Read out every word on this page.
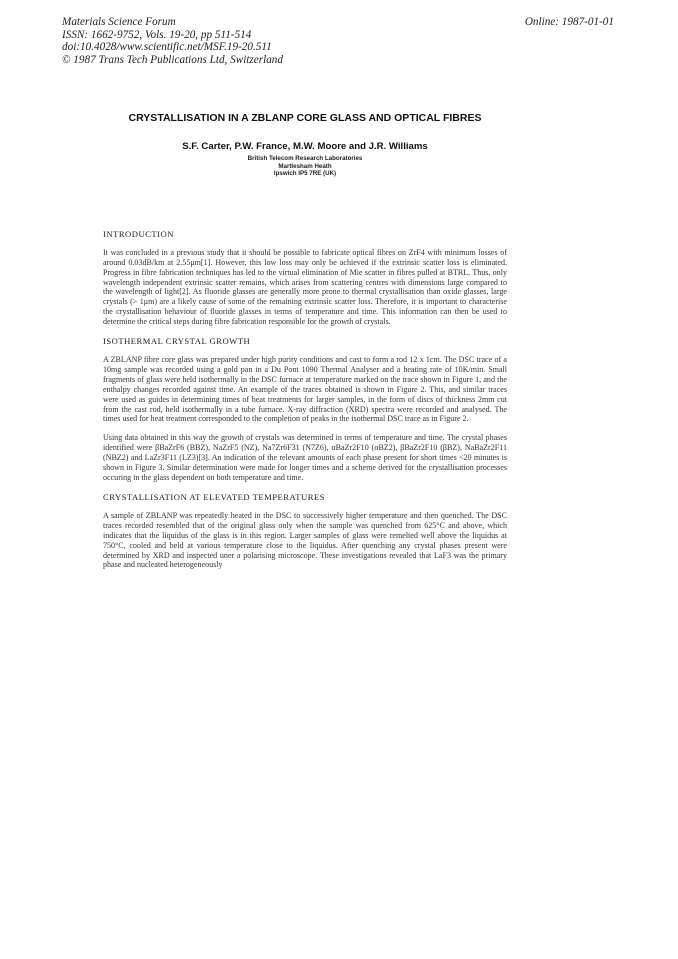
Materials Science Forum
ISSN: 1662-9752, Vols. 19-20, pp 511-514
doi:10.4028/www.scientific.net/MSF.19-20.511
© 1987 Trans Tech Publications Ltd, Switzerland
Online: 1987-01-01
CRYSTALLISATION IN A ZBLANP CORE GLASS AND OPTICAL FIBRES
S.F. Carter, P.W. France, M.W. Moore and J.R. Williams
British Telecom Research Laboratories
Martlesham Heath
Ipswich IP5 7RE (UK)

INTRODUCTION

It was concluded in a previous study that it should be possible to fabricate optical fibres on ZrF4 with minimum losses of around 0.03dB/km at 2.55μm[1]. However, this low loss may only be achieved if the extrinsic scatter loss is eliminated. Progress in fibre fabrication techniques has led to the virtual elimination of Mie scatter in fibres pulled at BTRL. Thus, only wavelength independent extrinsic scatter remains, which arises from scattering centres with dimensions large compared to the wavelength of light[2]. As fluoride glasses are generally more prone to thermal crystallisation than oxide glasses, large crystals (> 1μm) are a likely cause of some of the remaining extrinsic scatter loss. Therefore, it is important to characterise the crystallisation behaviour of fluoride glasses in terms of temperature and time. This information can then be used to determine the critical steps during fibre fabrication responsible for the growth of crystals.

ISOTHERMAL CRYSTAL GROWTH

A ZBLANP fibre core glass was prepared under high purity conditions and cast to form a rod 12 x 1cm. The DSC trace of a 10mg sample was recorded using a gold pan in a Du Pont 1090 Thermal Analyser and a heating rate of 10K/min. Small fragments of glass were held isothermally in the DSC furnace at temperature marked on the trace shown in Figure 1, and the enthalpy changes recorded against time. An example of the traces obtained is shown in Figure 2. This, and similar traces were used as guides in determining times of heat treatments for larger samples, in the form of discs of thickness 2mm cut from the cast rod, held isothermally in a tube furnace. X-ray diffraction (XRD) spectra were recorded and analysed. The times used for heat treatment corresponded to the completion of peaks in the isothermal DSC trace as in Figure 2.

Using data obtained in this way the growth of crystals was determined in terms of temperature and time. The crystal phases identified were βBaZrF6 (BBZ), NaZrF5 (NZ), Na7Zr6F31 (N7Z6), αBaZr2F10 (αBZ2), βBaZr2F10 (βBZ), NaBaZr2F11 (NBZ2) and LaZr3F11 (LZ3)[3]. An indication of the relevant amounts of each phase present for short times <20 minutes is shown in Figure 3. Similar determination were made for longer times and a scheme derived for the crystallisation processes occuring in the glass dependent on both temperature and time.

CRYSTALLISATION AT ELEVATED TEMPERATURES

A sample of ZBLANP was repeatedly heated in the DSC to successively higher temperature and then quenched. The DSC traces recorded resembled that of the original glass only when the sample was quenched from 625°C and above, which indicates that the liquidus of the glass is in this region. Larger samples of glass were remelted well above the liquidus at 750°C, cooled and held at various temperature close to the liquidus. After quenching any crystal phases present were determined by XRD and inspected uner a polarising microscope. These investigations revealed that LaF3 was the primary phase and nucleated heterogeneously
